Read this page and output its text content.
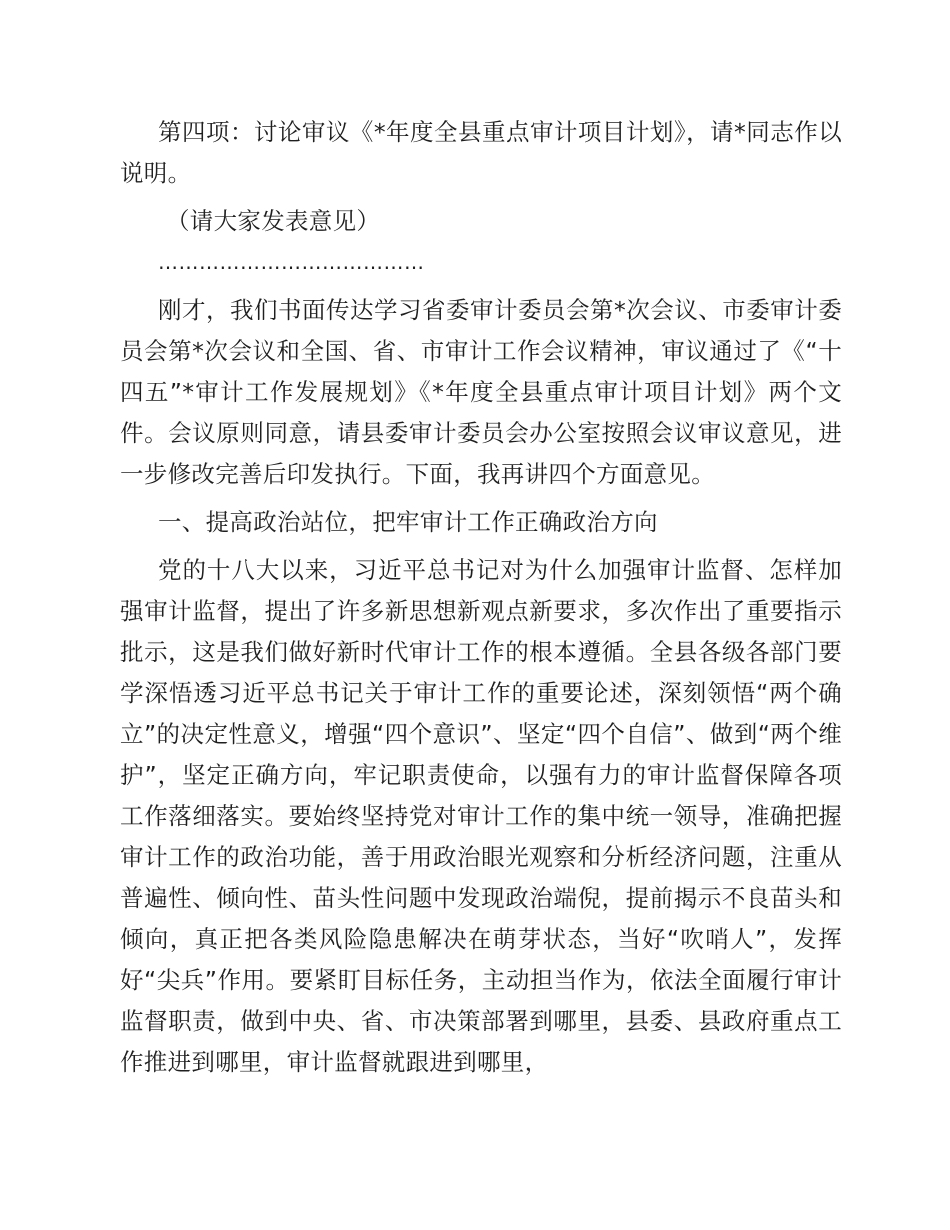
第四项：讨论审议《*年度全县重点审计项目计划》，请*同志作以说明。

（请大家发表意见）

…………………………………

刚才，我们书面传达学习省委审计委员会第*次会议、市委审计委员会第*次会议和全国、省、市审计工作会议精神，审议通过了《“十四五”*审计工作发展规划》《*年度全县重点审计项目计划》两个文件。会议原则同意，请县委审计委员会办公室按照会议审议意见，进一步修改完善后印发执行。下面，我再讲四个方面意见。

一、提高政治站位，把牢审计工作正确政治方向

党的十八大以来，习近平总书记对为什么加强审计监督、怎样加强审计监督，提出了许多新思想新观点新要求，多次作出了重要指示批示，这是我们做好新时代审计工作的根本遵循。全县各级各部门要学深悟透习近平总书记关于审计工作的重要论述，深刻领悟“两个确立”的决定性意义，增强“四个意识”、坚定“四个自信”、做到“两个维护”，坚定正确方向，牢记职责使命，以强有力的审计监督保障各项工作落细落实。要始终坚持党对审计工作的集中统一领导，准确把握审计工作的政治功能，善于用政治眼光观察和分析经济问题，注重从普遍性、倾向性、苗头性问题中发现政治端倪，提前揭示不良苗头和倾向，真正把各类风险隐患解决在萌芽状态，当好“吹哨人”，发挥好“尖兵”作用。要紧盯目标任务，主动担当作为，依法全面履行审计监督职责，做到中央、省、市决策部署到哪里，县委、县政府重点工作推进到哪里，审计监督就跟进到哪里，
